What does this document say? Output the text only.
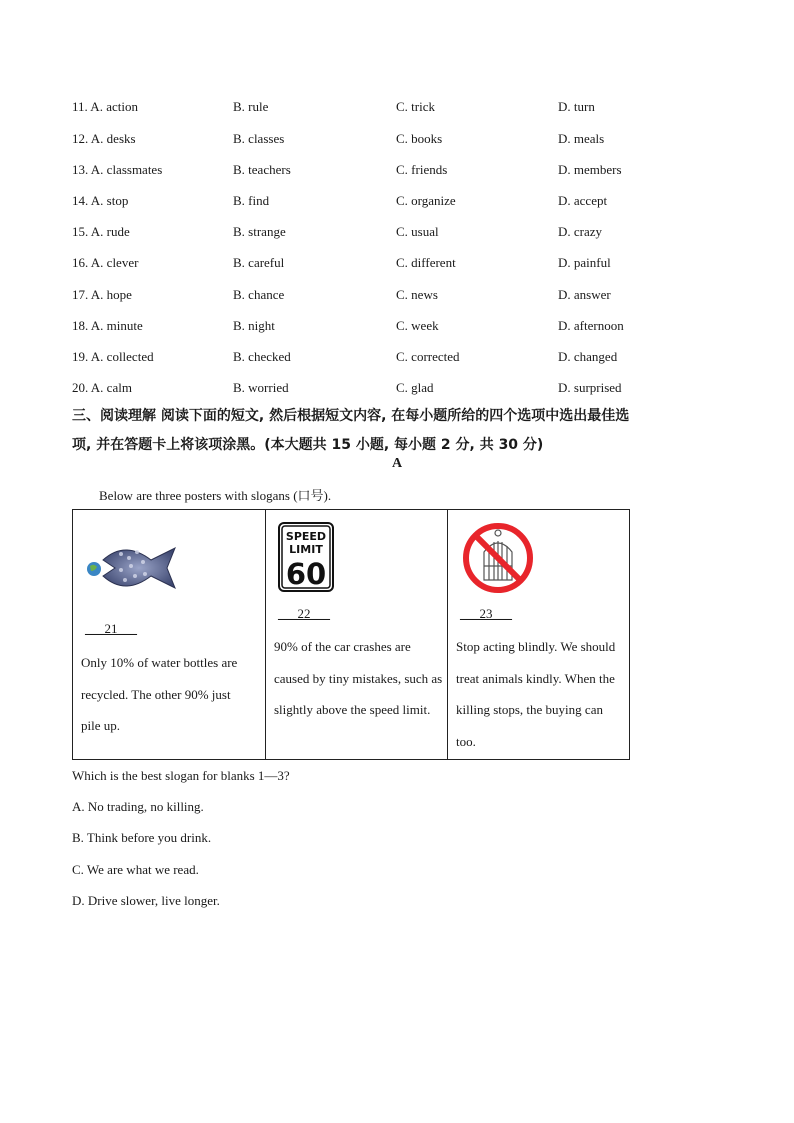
11. A. action	B. rule	C. trick	D. turn
12. A. desks	B. classes	C. books	D. meals
13. A. classmates	B. teachers	C. friends	D. members
14. A. stop	B. find	C. organize	D. accept
15. A. rude	B. strange	C. usual	D. crazy
16. A. clever	B. careful	C. different	D. painful
17. A. hope	B. chance	C. news	D. answer
18. A. minute	B. night	C. week	D. afternoon
19. A. collected	B. checked	C. corrected	D. changed
20. A. calm	B. worried	C. glad	D. surprised
三、阅读理解 阅读下面的短文, 然后根据短文内容, 在每小题所给的四个选项中选出最佳选
项, 并在答题卡上将该项涂黑。(本大题共 15 小题, 每小题 2 分, 共 30 分)
A
Below are three posters with slogans (口号).
___21___
Only 10% of water bottles are recycled. The other 90% just pile up.

SPEED
LIMIT
60
___22___
90% of the car crashes are caused by tiny mistakes, such as slightly above the speed limit.

___23___
Stop acting blindly. We should treat animals kindly. When the killing stops, the buying can too.
Which is the best slogan for blanks 1—3?
A. No trading, no killing.
B. Think before you drink.
C. We are what we read.
D. Drive slower, live longer.
